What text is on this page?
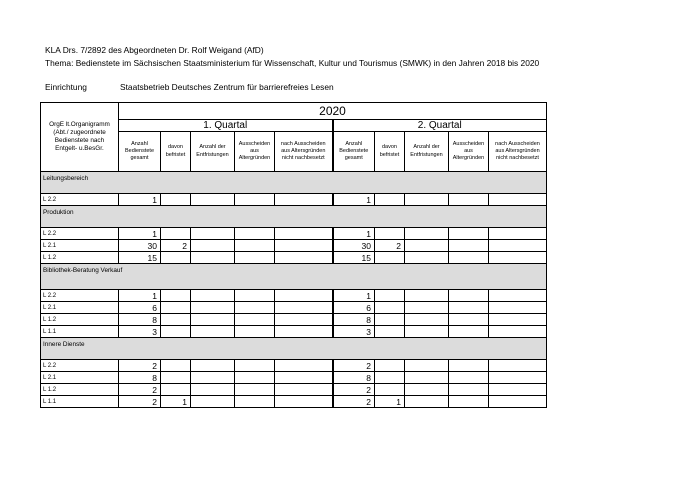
KLA Drs. 7/2892 des Abgeordneten Dr. Rolf Weigand (AfD)
Thema: Bedienstete im Sächsischen Staatsministerium für Wissenschaft, Kultur und Tourismus (SMWK) in den Jahren 2018 bis 2020
Einrichtung	Staatsbetrieb Deutsches Zentrum für barrierefreies Lesen
OrgE lt.Organigramm (Abt./ zugeordnete Bedienstete nach Entgelt- u.BesGr.	2020									
	1. Quartal					2. Quartal				
	Anzahl Bedienstete gesamt	davon befristet	Anzahl der Entfristungen	Ausscheiden aus Altergründen	nach Ausscheiden aus Altersgründen nicht nachbesetzt	Anzahl Bedienstete gesamt	davon befristet	Anzahl der Entfristungen	Ausscheiden aus Altergründen	nach Ausscheiden aus Altersgründen nicht nachbesetzt
Leitungsbereich										
L 2.2	1					1				
Produktion										
L 2.2	1					1				
L 2.1	30	2				30	2			
L 1.2	15					15				
Bibliothek-Beratung Verkauf										
L 2.2	1					1				
L 2.1	6					6				
L 1.2	8					8				
L 1.1	3					3				
Innere Dienste										
L 2.2	2					2				
L 2.1	8					8				
L 1.2	2					2				
L 1.1	2	1				2	1			
